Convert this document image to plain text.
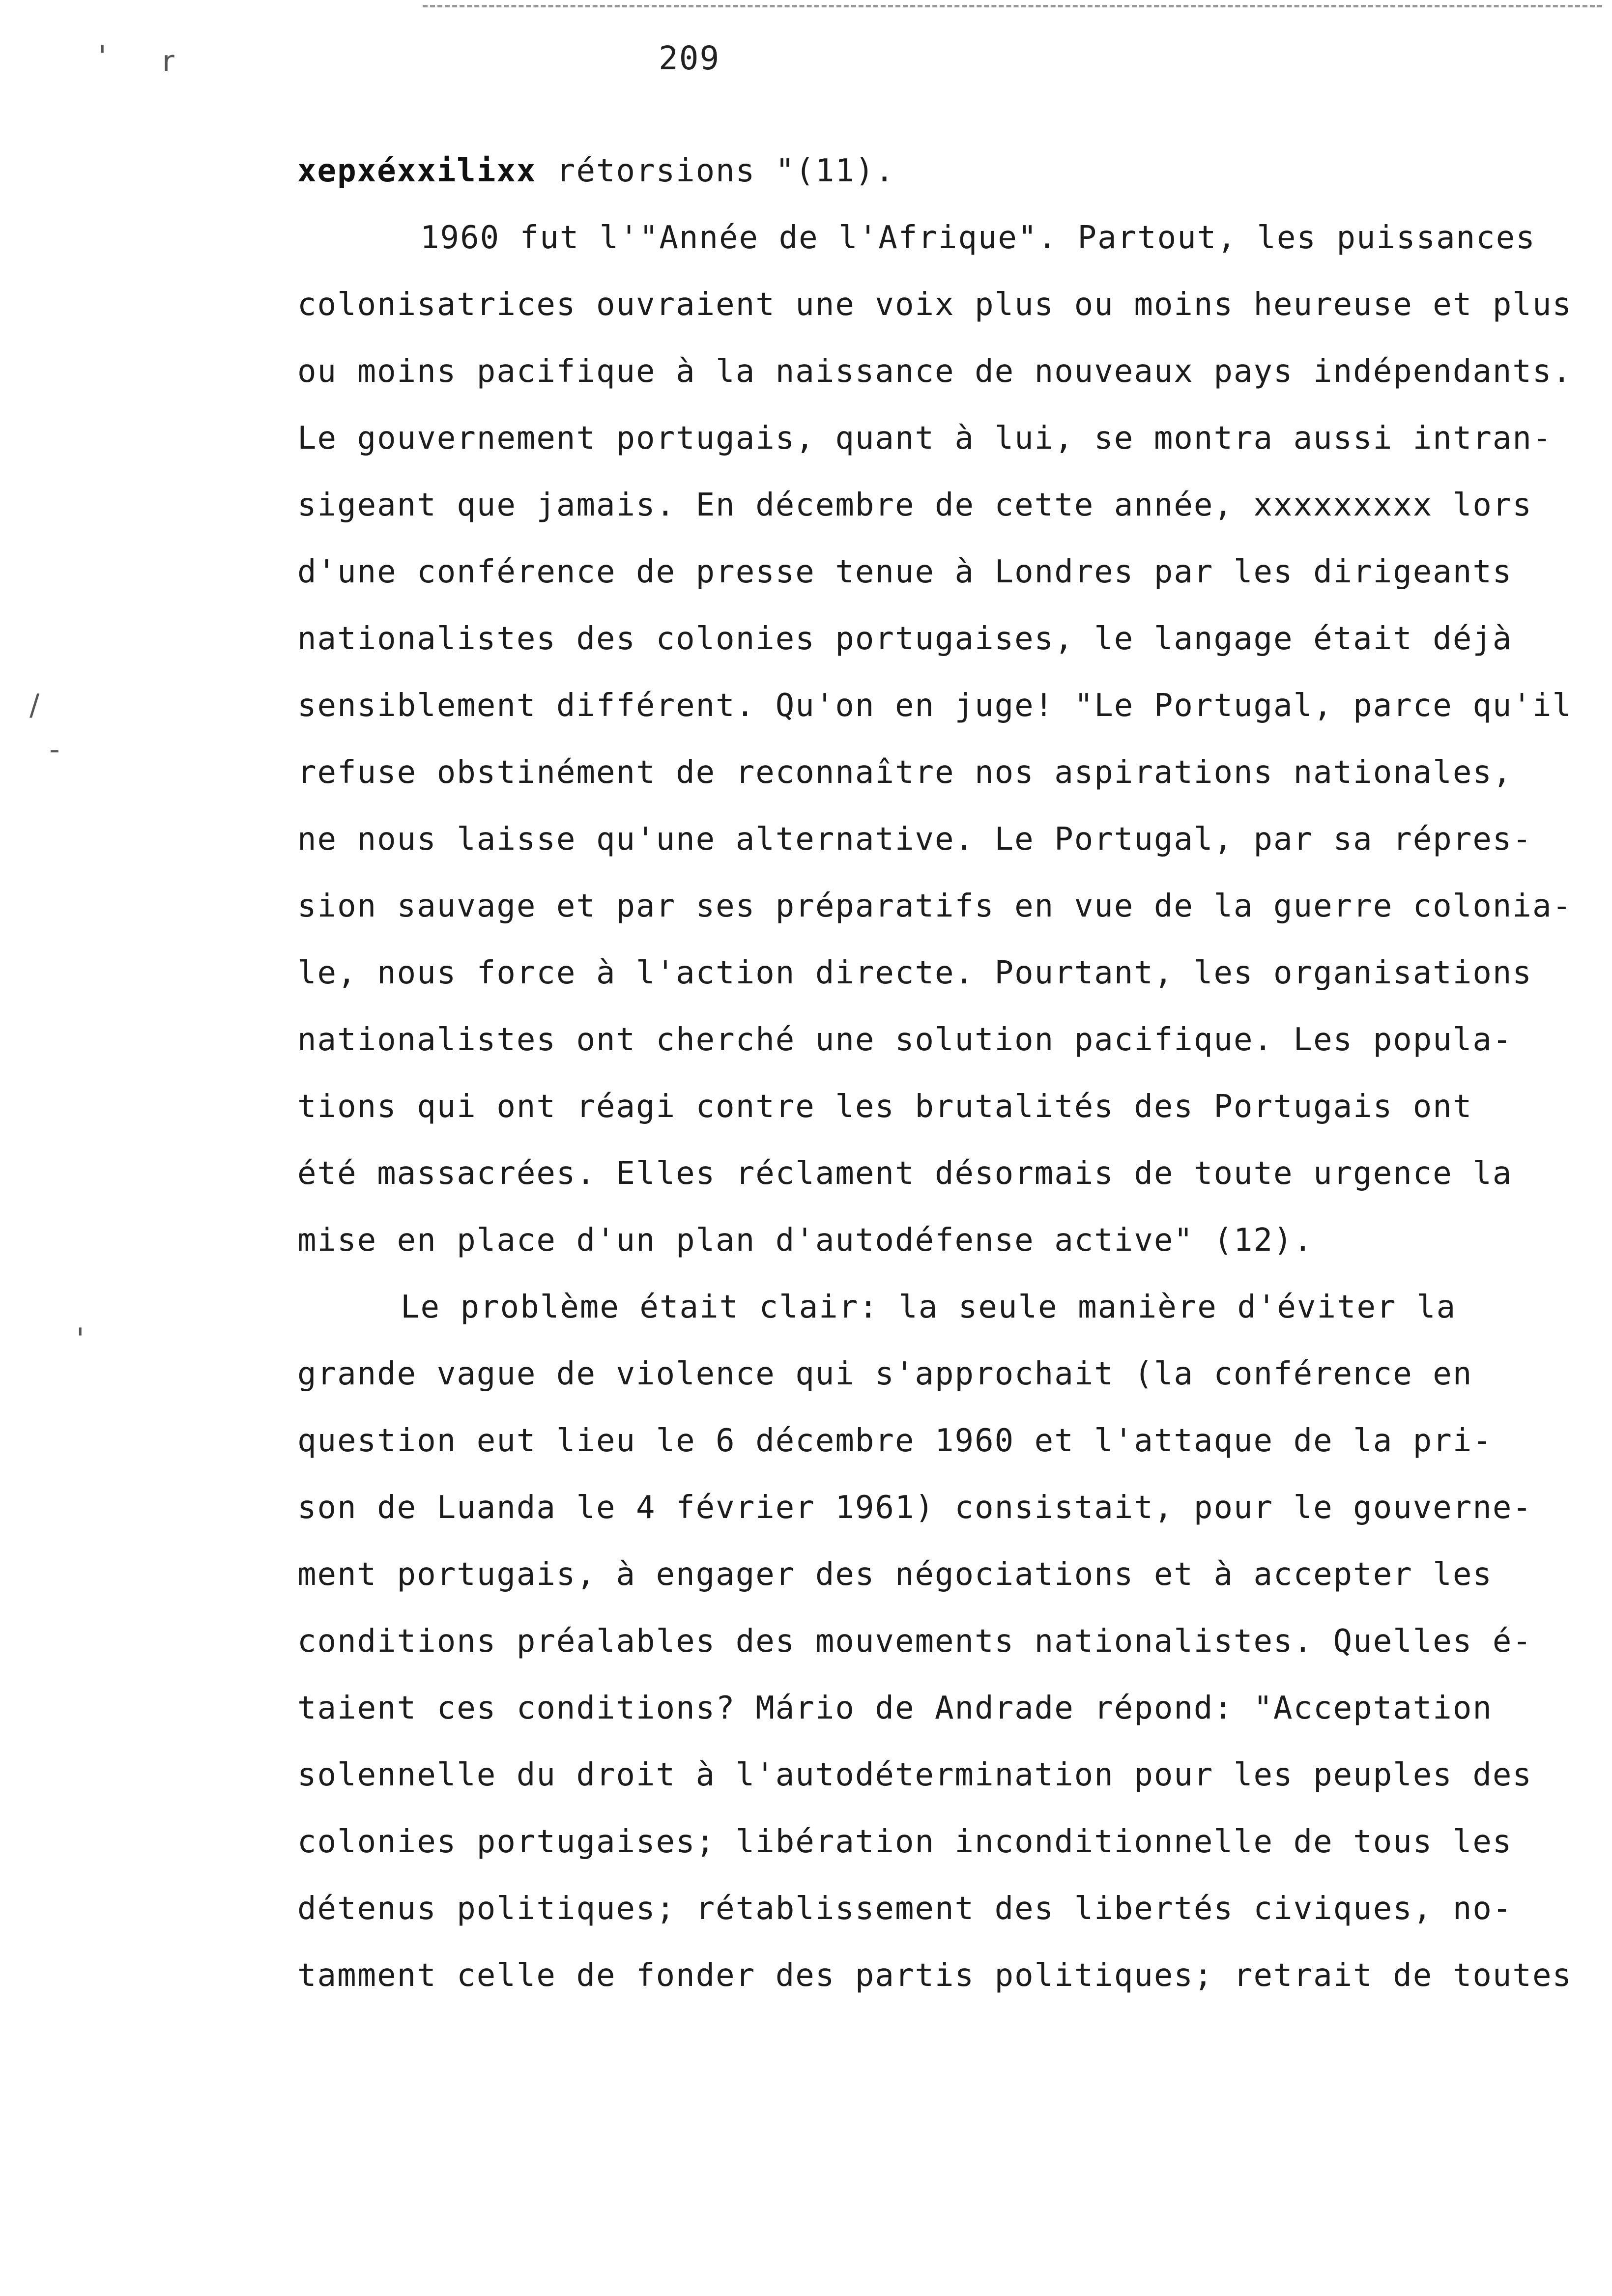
' r
/
-
'
209
xepxéxxilixx rétorsions "(11).
1960 fut l'"Année de l'Afrique". Partout, les puissances
colonisatrices ouvraient une voix plus ou moins heureuse et plus
ou moins pacifique à la naissance de nouveaux pays indépendants.
Le gouvernement portugais, quant à lui, se montra aussi intran-
sigeant que jamais. En décembre de cette année, xxxxxxxxx lors
d'une conférence de presse tenue à Londres par les dirigeants
nationalistes des colonies portugaises, le langage était déjà
sensiblement différent. Qu'on en juge! "Le Portugal, parce qu'il
refuse obstinément de reconnaître nos aspirations nationales,
ne nous laisse qu'une alternative. Le Portugal, par sa répres-
sion sauvage et par ses préparatifs en vue de la guerre colonia-
le, nous force à l'action directe. Pourtant, les organisations
nationalistes ont cherché une solution pacifique. Les popula-
tions qui ont réagi contre les brutalités des Portugais ont
été massacrées. Elles réclament désormais de toute urgence la
mise en place d'un plan d'autodéfense active" (12).
Le problème était clair: la seule manière d'éviter la
grande vague de violence qui s'approchait (la conférence en
question eut lieu le 6 décembre 1960 et l'attaque de la pri-
son de Luanda le 4 février 1961) consistait, pour le gouverne-
ment portugais, à engager des négociations et à accepter les
conditions préalables des mouvements nationalistes. Quelles é-
taient ces conditions? Mário de Andrade répond: "Acceptation
solennelle du droit à l'autodétermination pour les peuples des
colonies portugaises; libération inconditionnelle de tous les
détenus politiques; rétablissement des libertés civiques, no-
tamment celle de fonder des partis politiques; retrait de toutes
